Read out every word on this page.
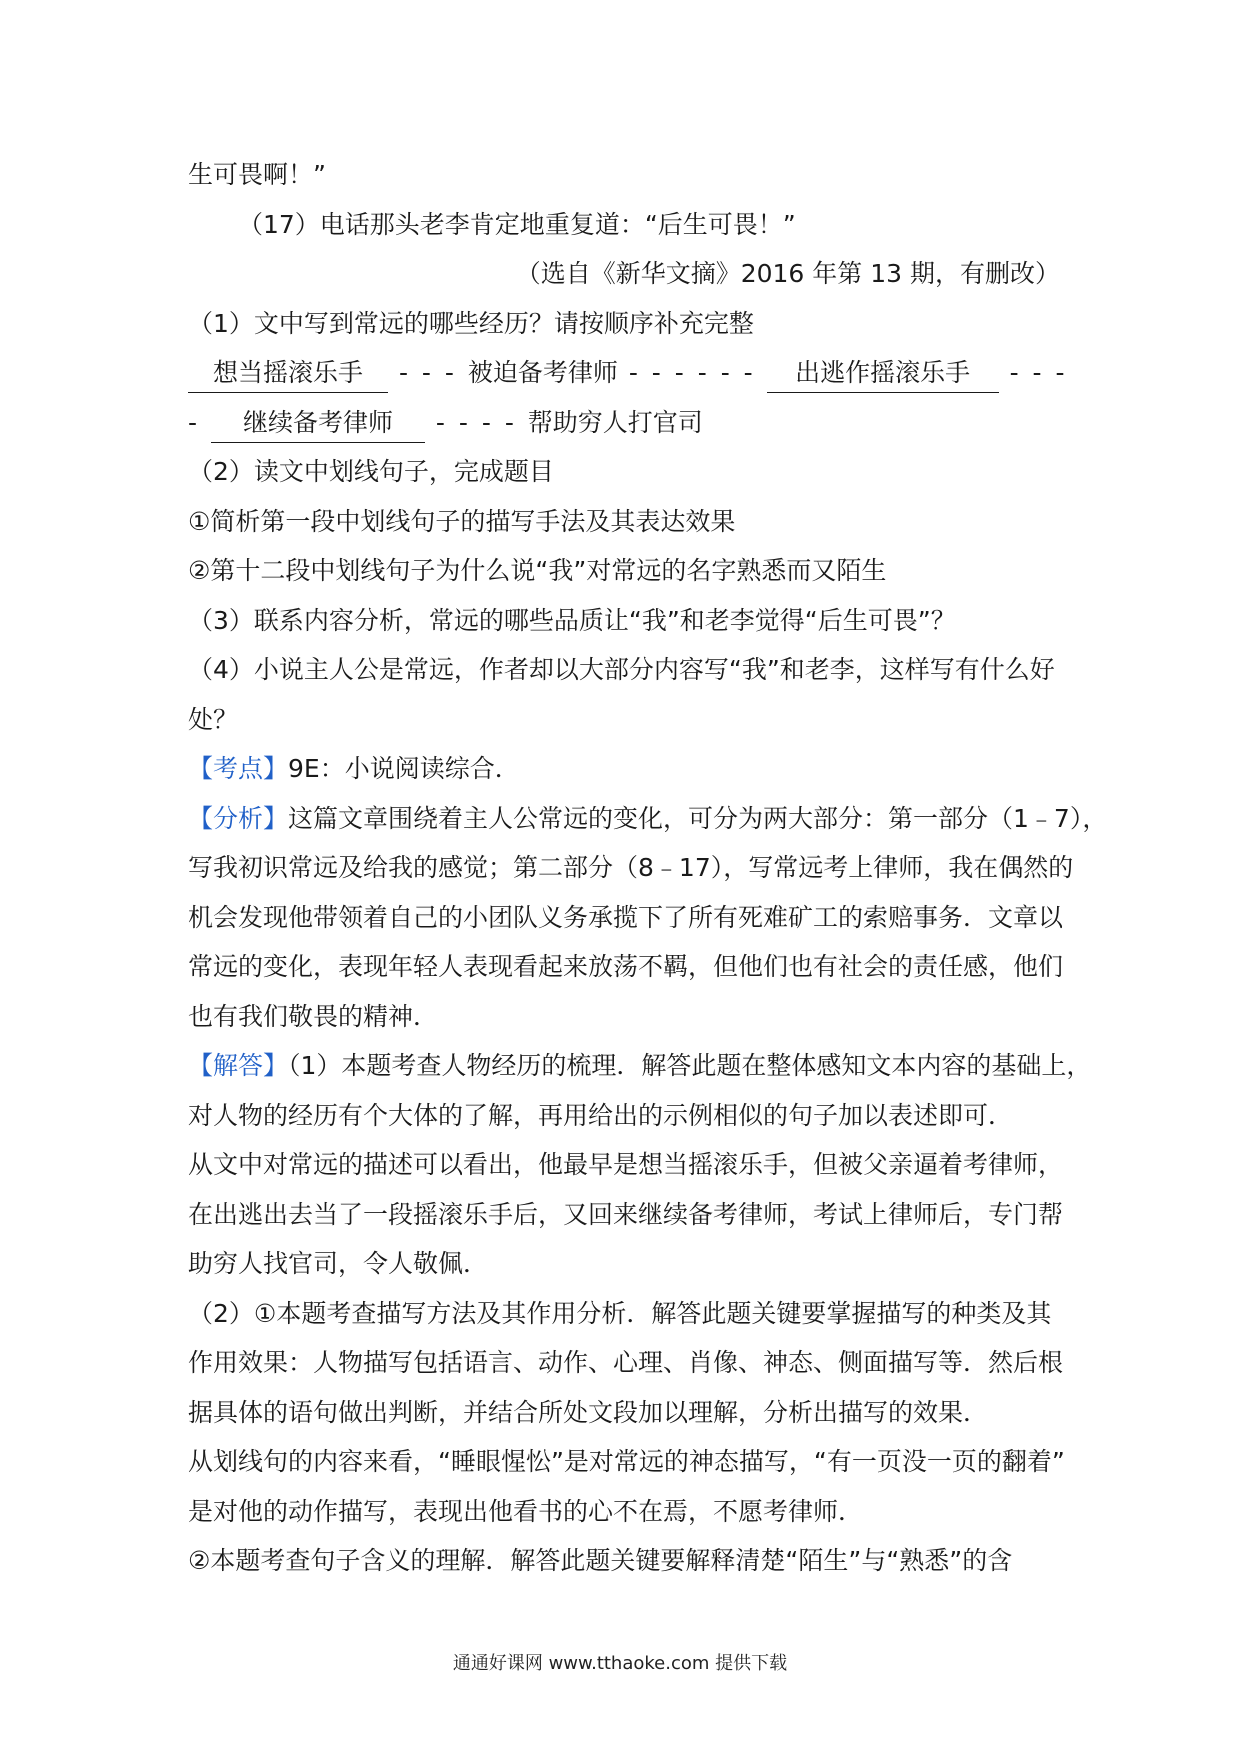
生可畏啊！”
（17）电话那头老李肯定地重复道：“后生可畏！”
（选自《新华文摘》2016 年第 13 期，有删改）
（1）文中写到常远的哪些经历？请按顺序补充完整
想当摇滚乐手 - - - 被迫备考律师 - - - - - - 出逃作摇滚乐手 - - -
- 继续备考律师 - - - - 帮助穷人打官司
（2）读文中划线句子，完成题目
①简析第一段中划线句子的描写手法及其表达效果
②第十二段中划线句子为什么说“我”对常远的名字熟悉而又陌生
（3）联系内容分析，常远的哪些品质让“我”和老李觉得“后生可畏”？
（4）小说主人公是常远，作者却以大部分内容写“我”和老李，这样写有什么好
处？
【考点】9E：小说阅读综合．
【分析】这篇文章围绕着主人公常远的变化，可分为两大部分：第一部分（1﹣7），
写我初识常远及给我的感觉；第二部分（8﹣17），写常远考上律师，我在偶然的
机会发现他带领着自己的小团队义务承揽下了所有死难矿工的索赔事务．文章以
常远的变化，表现年轻人表现看起来放荡不羁，但他们也有社会的责任感，他们
也有我们敬畏的精神．
【解答】（1）本题考查人物经历的梳理．解答此题在整体感知文本内容的基础上，
对人物的经历有个大体的了解，再用给出的示例相似的句子加以表述即可．
从文中对常远的描述可以看出，他最早是想当摇滚乐手，但被父亲逼着考律师，
在出逃出去当了一段摇滚乐手后，又回来继续备考律师，考试上律师后，专门帮
助穷人找官司，令人敬佩．
（2）①本题考查描写方法及其作用分析．解答此题关键要掌握描写的种类及其
作用效果：人物描写包括语言、动作、心理、肖像、神态、侧面描写等．然后根
据具体的语句做出判断，并结合所处文段加以理解，分析出描写的效果．
从划线句的内容来看，“睡眼惺忪”是对常远的神态描写，“有一页没一页的翻着”
是对他的动作描写，表现出他看书的心不在焉，不愿考律师．
②本题考查句子含义的理解．解答此题关键要解释清楚“陌生”与“熟悉”的含
通通好课网 www.tthaoke.com 提供下载
